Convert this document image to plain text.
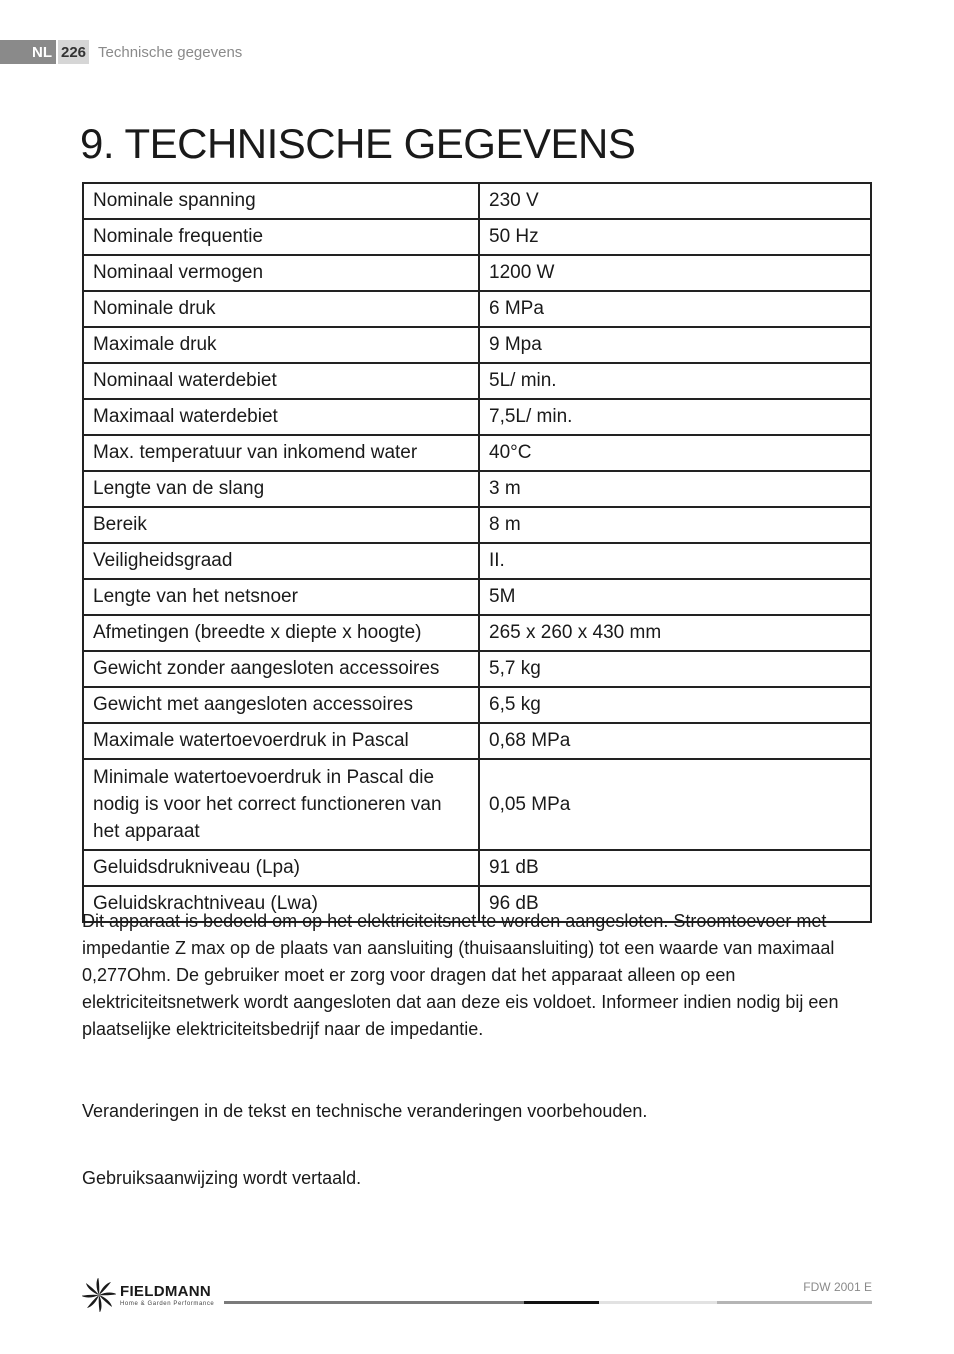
NL 226 Technische gegevens
9. TECHNISCHE GEGEVENS
Nominale spanning	230 V
Nominale frequentie	50 Hz
Nominaal vermogen	1200 W
Nominale druk	6 MPa
Maximale druk	9 Mpa
Nominaal waterdebiet	5L/ min.
Maximaal waterdebiet	7,5L/ min.
Max. temperatuur van inkomend water	40°C
Lengte van de slang	3 m
Bereik	8 m
Veiligheidsgraad	II.
Lengte van het netsnoer	5M
Afmetingen (breedte x diepte x hoogte)	265 x 260 x 430 mm
Gewicht zonder aangesloten accessoires	5,7 kg
Gewicht met aangesloten accessoires	6,5 kg
Maximale watertoevoerdruk in Pascal	0,68 MPa
Minimale watertoevoerdruk in Pascal die nodig is voor het correct functioneren van het apparaat	0,05 MPa
Geluidsdrukniveau (Lpa)	91 dB
Geluidskrachtniveau (Lwa)	96 dB
Dit apparaat is bedoeld om op het elektriciteitsnet te worden aangesloten. Stroomtoevoer met impedantie Z max op de plaats van aansluiting (thuisaansluiting) tot een waarde van maximaal 0,277Ohm. De gebruiker moet er zorg voor dragen dat het apparaat alleen op een elektriciteitsnetwerk wordt aangesloten dat aan deze eis voldoet. Informeer indien nodig bij een plaatselijke elektriciteitsbedrijf naar de impedantie.
Veranderingen in de tekst en technische veranderingen voorbehouden.
Gebruiksaanwijzing wordt vertaald.
FIELDMANN
Home & Garden Performance
FDW 2001 E
